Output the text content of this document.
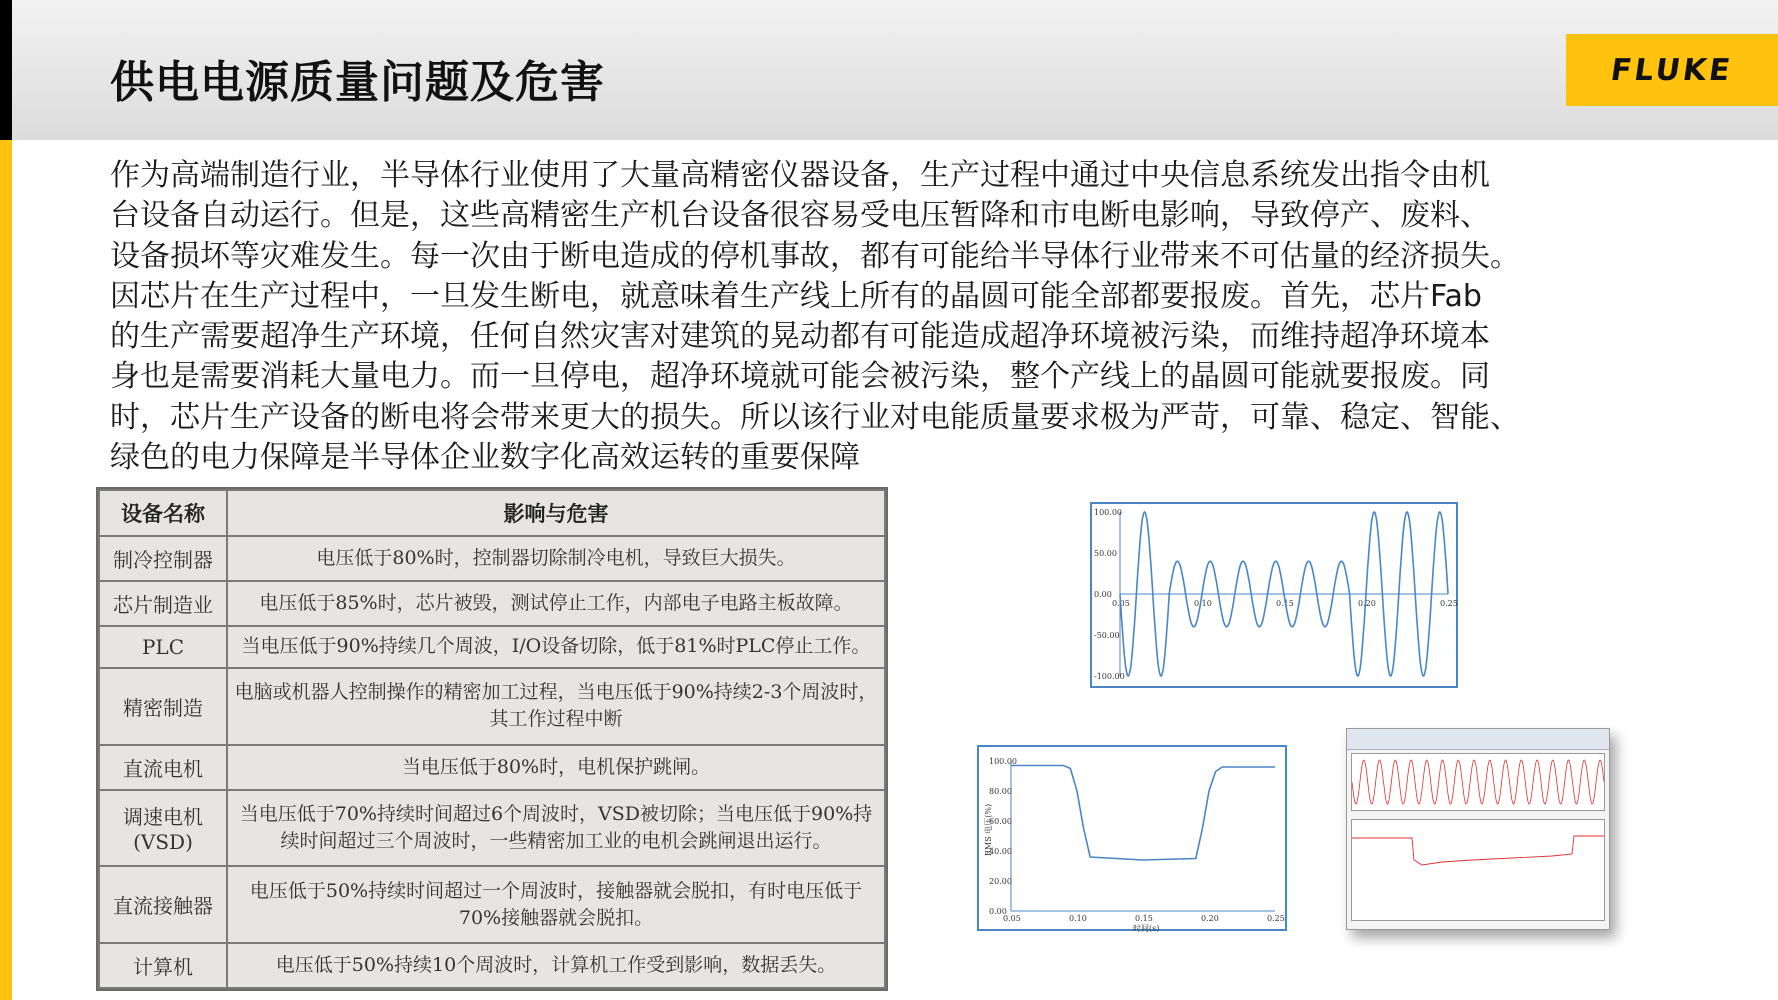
供电电源质量问题及危害	FLUKE
作为高端制造行业，半导体行业使用了大量高精密仪器设备，生产过程中通过中央信息系统发出指令由机
台设备自动运行。但是，这些高精密生产机台设备很容易受电压暂降和市电断电影响，导致停产、废料、
设备损坏等灾难发生。每一次由于断电造成的停机事故，都有可能给半导体行业带来不可估量的经济损失。
因芯片在生产过程中，一旦发生断电，就意味着生产线上所有的晶圆可能全部都要报废。首先，芯片Fab
的生产需要超净生产环境，任何自然灾害对建筑的晃动都有可能造成超净环境被污染，而维持超净环境本
身也是需要消耗大量电力。而一旦停电，超净环境就可能会被污染，整个产线上的晶圆可能就要报废。同
时，芯片生产设备的断电将会带来更大的损失。所以该行业对电能质量要求极为严苛，可靠、稳定、智能、
绿色的电力保障是半导体企业数字化高效运转的重要保障
设备名称	影响与危害
制冷控制器	电压低于80%时，控制器切除制冷电机，导致巨大损失。
芯片制造业	电压低于85%时，芯片被毁，测试停止工作，内部电子电路主板故障。
PLC	当电压低于90%持续几个周波，I/O设备切除，低于81%时PLC停止工作。
精密制造	电脑或机器人控制操作的精密加工过程，当电压低于90%持续2-3个周波时，其工作过程中断
直流电机	当电压低于80%时，电机保护跳闸。
调速电机(VSD)	当电压低于70%持续时间超过6个周波时，VSD被切除；当电压低于90%持续时间超过三个周波时，一些精密加工业的电机会跳闸退出运行。
直流接触器	电压低于50%持续时间超过一个周波时，接触器就会脱扣，有时电压低于70%接触器就会脱扣。
计算机	电压低于50%持续10个周波时，计算机工作受到影响，数据丢失。
100.00
50.00
0.00
-50.00
-100.00
0.05	0.10	0.15	0.20	0.25
100.00
80.00
60.00
40.00
20.00
0.00
0.05	0.10	0.15	0.20	0.25
时间(s)
RMS 电压(%)
